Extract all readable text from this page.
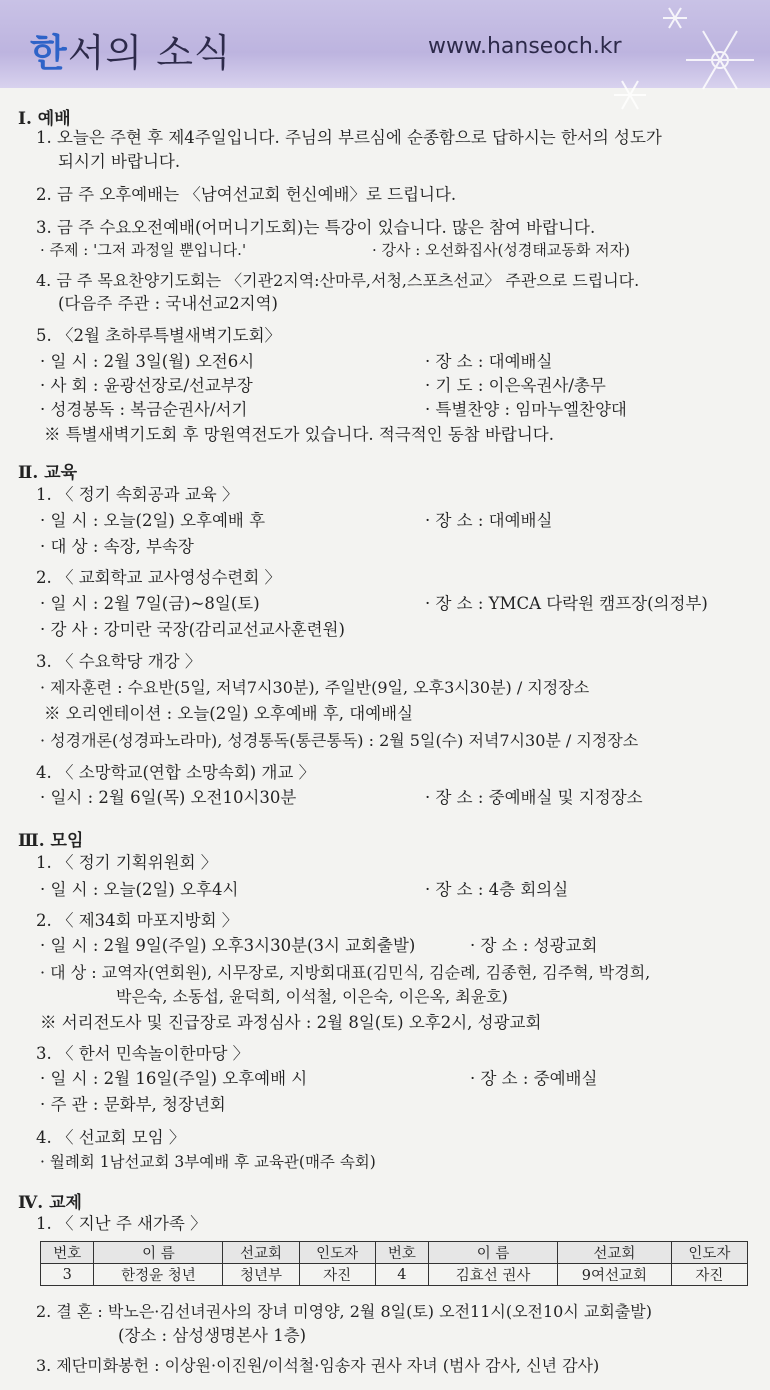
한서의 소식	www.hanseoch.kr
Ⅰ. 예배
1. 오늘은 주현 후 제4주일입니다. 주님의 부르심에 순종함으로 답하시는 한서의 성도가
되시기 바랍니다.
2. 금 주 오후예배는 〈남여선교회 헌신예배〉로 드립니다.
3. 금 주 수요오전예배(어머니기도회)는 특강이 있습니다. 많은 참여 바랍니다.
· 주제 : '그저 과정일 뿐입니다.'	· 강사 : 오선화집사(성경태교동화 저자)
4. 금 주 목요찬양기도회는 〈기관2지역:산마루,서청,스포츠선교〉 주관으로 드립니다.
(다음주 주관 : 국내선교2지역)
5. 〈2월 초하루특별새벽기도회〉
· 일 시 : 2월 3일(월) 오전6시	· 장 소 : 대예배실
· 사 회 : 윤광선장로/선교부장	· 기 도 : 이은옥권사/총무
· 성경봉독 : 복금순권사/서기	· 특별찬양 : 임마누엘찬양대
※ 특별새벽기도회 후 망원역전도가 있습니다. 적극적인 동참 바랍니다.
Ⅱ. 교육
1. 〈 정기 속회공과 교육 〉
· 일 시 : 오늘(2일) 오후예배 후	· 장 소 : 대예배실
· 대 상 : 속장, 부속장
2. 〈 교회학교 교사영성수련회 〉
· 일 시 : 2월 7일(금)~8일(토)	· 장 소 : YMCA 다락원 캠프장(의정부)
· 강 사 : 강미란 국장(감리교선교사훈련원)
3. 〈 수요학당 개강 〉
· 제자훈련 : 수요반(5일, 저녁7시30분), 주일반(9일, 오후3시30분) / 지정장소
※ 오리엔테이션 : 오늘(2일) 오후예배 후, 대예배실
· 성경개론(성경파노라마), 성경통독(통큰통독) : 2월 5일(수) 저녁7시30분 / 지정장소
4. 〈 소망학교(연합 소망속회) 개교 〉
· 일시 : 2월 6일(목) 오전10시30분	· 장 소 : 중예배실 및 지정장소
Ⅲ. 모임
1. 〈 정기 기획위원회 〉
· 일 시 : 오늘(2일) 오후4시	· 장 소 : 4층 회의실
2. 〈 제34회 마포지방회 〉
· 일 시 : 2월 9일(주일) 오후3시30분(3시 교회출발)	· 장 소 : 성광교회
· 대 상 : 교역자(연회원), 시무장로, 지방회대표(김민식, 김순례, 김종현, 김주혁, 박경희,
박은숙, 소동섭, 윤덕희, 이석철, 이은숙, 이은옥, 최윤호)
※ 서리전도사 및 진급장로 과정심사 : 2월 8일(토) 오후2시, 성광교회
3. 〈 한서 민속놀이한마당 〉
· 일 시 : 2월 16일(주일) 오후예배 시	· 장 소 : 중예배실
· 주 관 : 문화부, 청장년회
4. 〈 선교회 모임 〉
· 월례회 1남선교회 3부예배 후 교육관(매주 속회)
Ⅳ. 교제
1. 〈 지난 주 새가족 〉
번호	이 름	선교회	인도자	번호	이 름	선교회	인도자
3	한정윤 청년	청년부	자진	4	김효선 권사	9여선교회	자진
2. 결 혼 : 박노은·김선녀권사의 장녀 미영양, 2월 8일(토) 오전11시(오전10시 교회출발)
(장소 : 삼성생명본사 1층)
3. 제단미화봉헌 : 이상원·이진원/이석철·임송자 권사 자녀 (범사 감사, 신년 감사)
